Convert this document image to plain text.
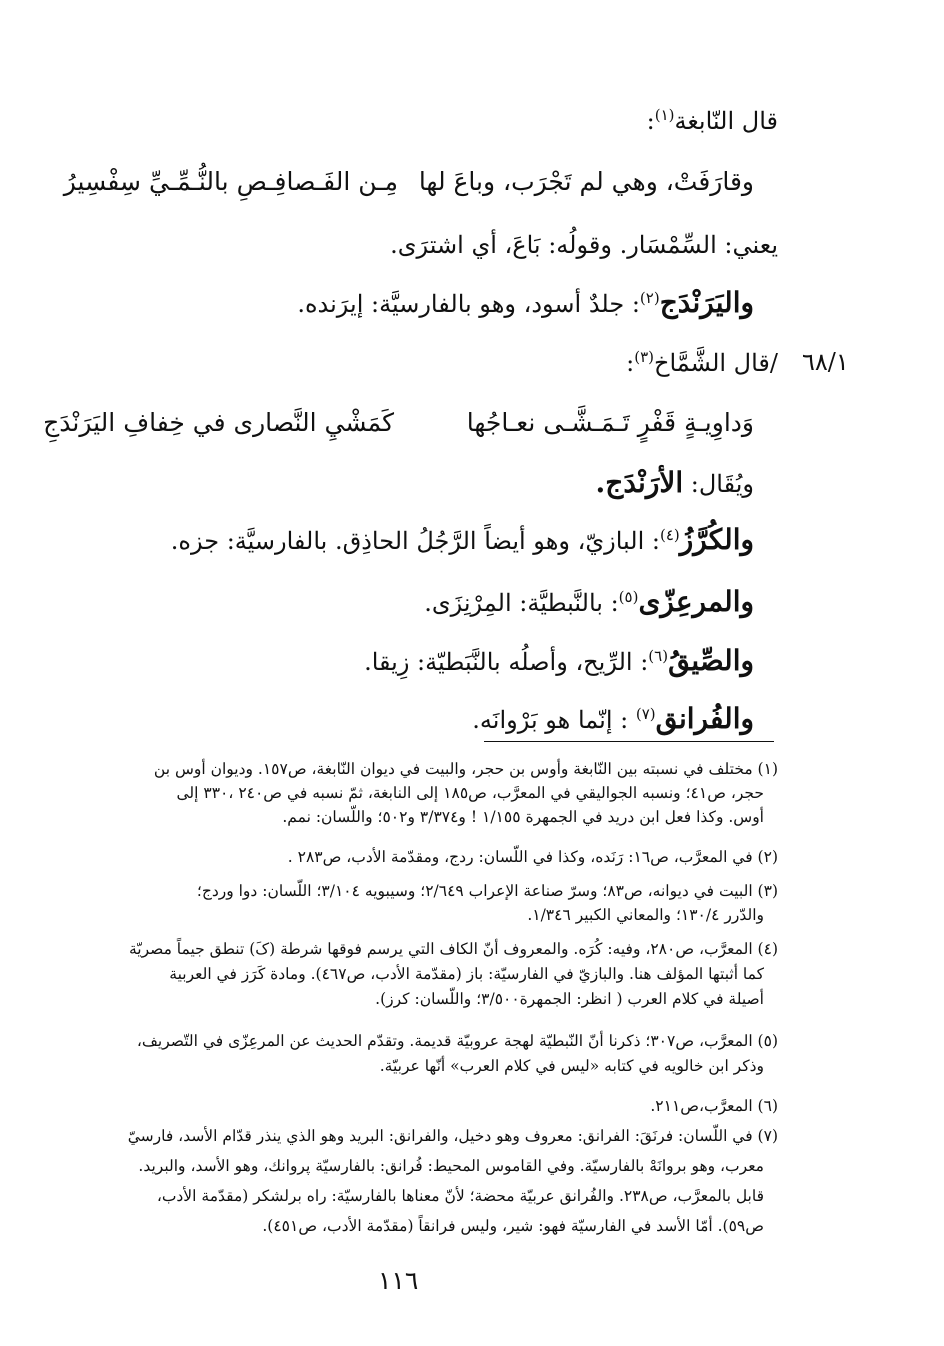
قال النّابغة$^{(١)}$:
وقارَفَتْ، وهي لم تَجْرَب، وباعَ لها
مِـن الفَـصافِـصِ بالنُّـمِّـيِّ سِفْسِيرُ
يعني: السِّمْسَار. وقولُه: بَاعَ، أي اشترَى.
واليَرَنْدَج$^{(٢)}$: جلدٌ أسود، وهو بالفارسيَّة: إيرَنده.
٦٨/١
/قال الشَّمَّاخ$^{(٣)}$:
وَداوِيـةٍ قَفْرٍ تَـمَـشَّـى نعـاجُها
كَمَشْيِ النَّصارى في خِفافِ اليَرَنْدَجِ
ويُقَال: الأرَنْدَج.
والكُرَّزُ$^{(٤)}$: البازيّ، وهو أيضاً الرَّجُلُ الحاذِق. بالفارسيَّة: جزه.
والمرعِزّى$^{(٥)}$: بالنَّبطيَّة: المِرْنِزَى.
والصِّيقُ$^{(٦)}$: الرِّيح، وأصلُه بالنَّبَطيّة: زِيقا.
والفُرانق$^{(٧)}$ : إنّما هو بَرْوانَه.
(١) مختلف في نسبته بين النّابغة وأوس بن حجر، والبيت في ديوان النّابغة، ص١٥٧. وديوان أوس بن
حجر، ص٤١؛ ونسبه الجواليقي في المعرَّب، ص١٨٥ إلى النابغة، ثمّ نسبه في ص٢٤٠ ،٣٣٠ إلى
أوس. وكذا فعل ابن دريد في الجمهرة ١/١٥٥ ! و٣/٣٧٤ و٥٠٢؛ واللّسان: نمم.
(٢) في المعرَّب، ص١٦: رَنَده، وكذا في اللّسان: ردج، ومقدّمة الأدب، ص٢٨٣ .
(٣) البيت في ديوانه، ص٨٣؛ وسرّ صناعة الإعراب ٢/٦٤٩؛ وسيبويه ٣/١٠٤؛ اللّسان: دوا وردج؛
والدّرر ١٣٠/٤؛ والمعاني الكبير ١/٣٤٦.
(٤) المعرَّب، ص٢٨٠، وفيه: كُرَه. والمعروف أنّ الكاف التي يرسم فوقها شرطة (کَ) تنطق جيماً مصريّة
كما أثبتها المؤلف هنا. والبازيّ في الفارسيّة: باز (مقدّمة الأدب، ص٤٦٧). ومادة كَرَز في العربية
أصيلة في كلام العرب ( انظر: الجمهرة٣/٥٠٠؛ واللّسان: كرز).
(٥) المعرَّب، ص٣٠٧؛ ذكرنا أنّ النّبطيّة لهجة عروبيّة قديمة. وتقدّم الحديث عن المرعِزّى في التّصريف،
وذكر ابن خالويه في كتابه «ليس في كلام العرب» أنّها عربيّة.
(٦) المعرَّب،ص٢١١.
(٧) في اللّسان: فرنَقَ: الفرانق: معروف وهو دخيل، والفرانق: البريد وهو الذي ينذر قدّام الأسد، فارسيّ
معرب، وهو بروانَهْ بالفارسيّة. وفي القاموس المحيط: فُرانق: بالفارسيّة پروانك، وهو الأسد، والبريد.
قابل بالمعرَّب، ص٢٣٨. والفُرانق عربيّة محضة؛ لأنّ معناها بالفارسيّة: راه برلشكر (مقدّمة الأدب،
ص٥٩). أمّا الأسد في الفارسيّة فهو: شير، وليس فرانقاً (مقدّمة الأدب، ص٤٥١).
١١٦
